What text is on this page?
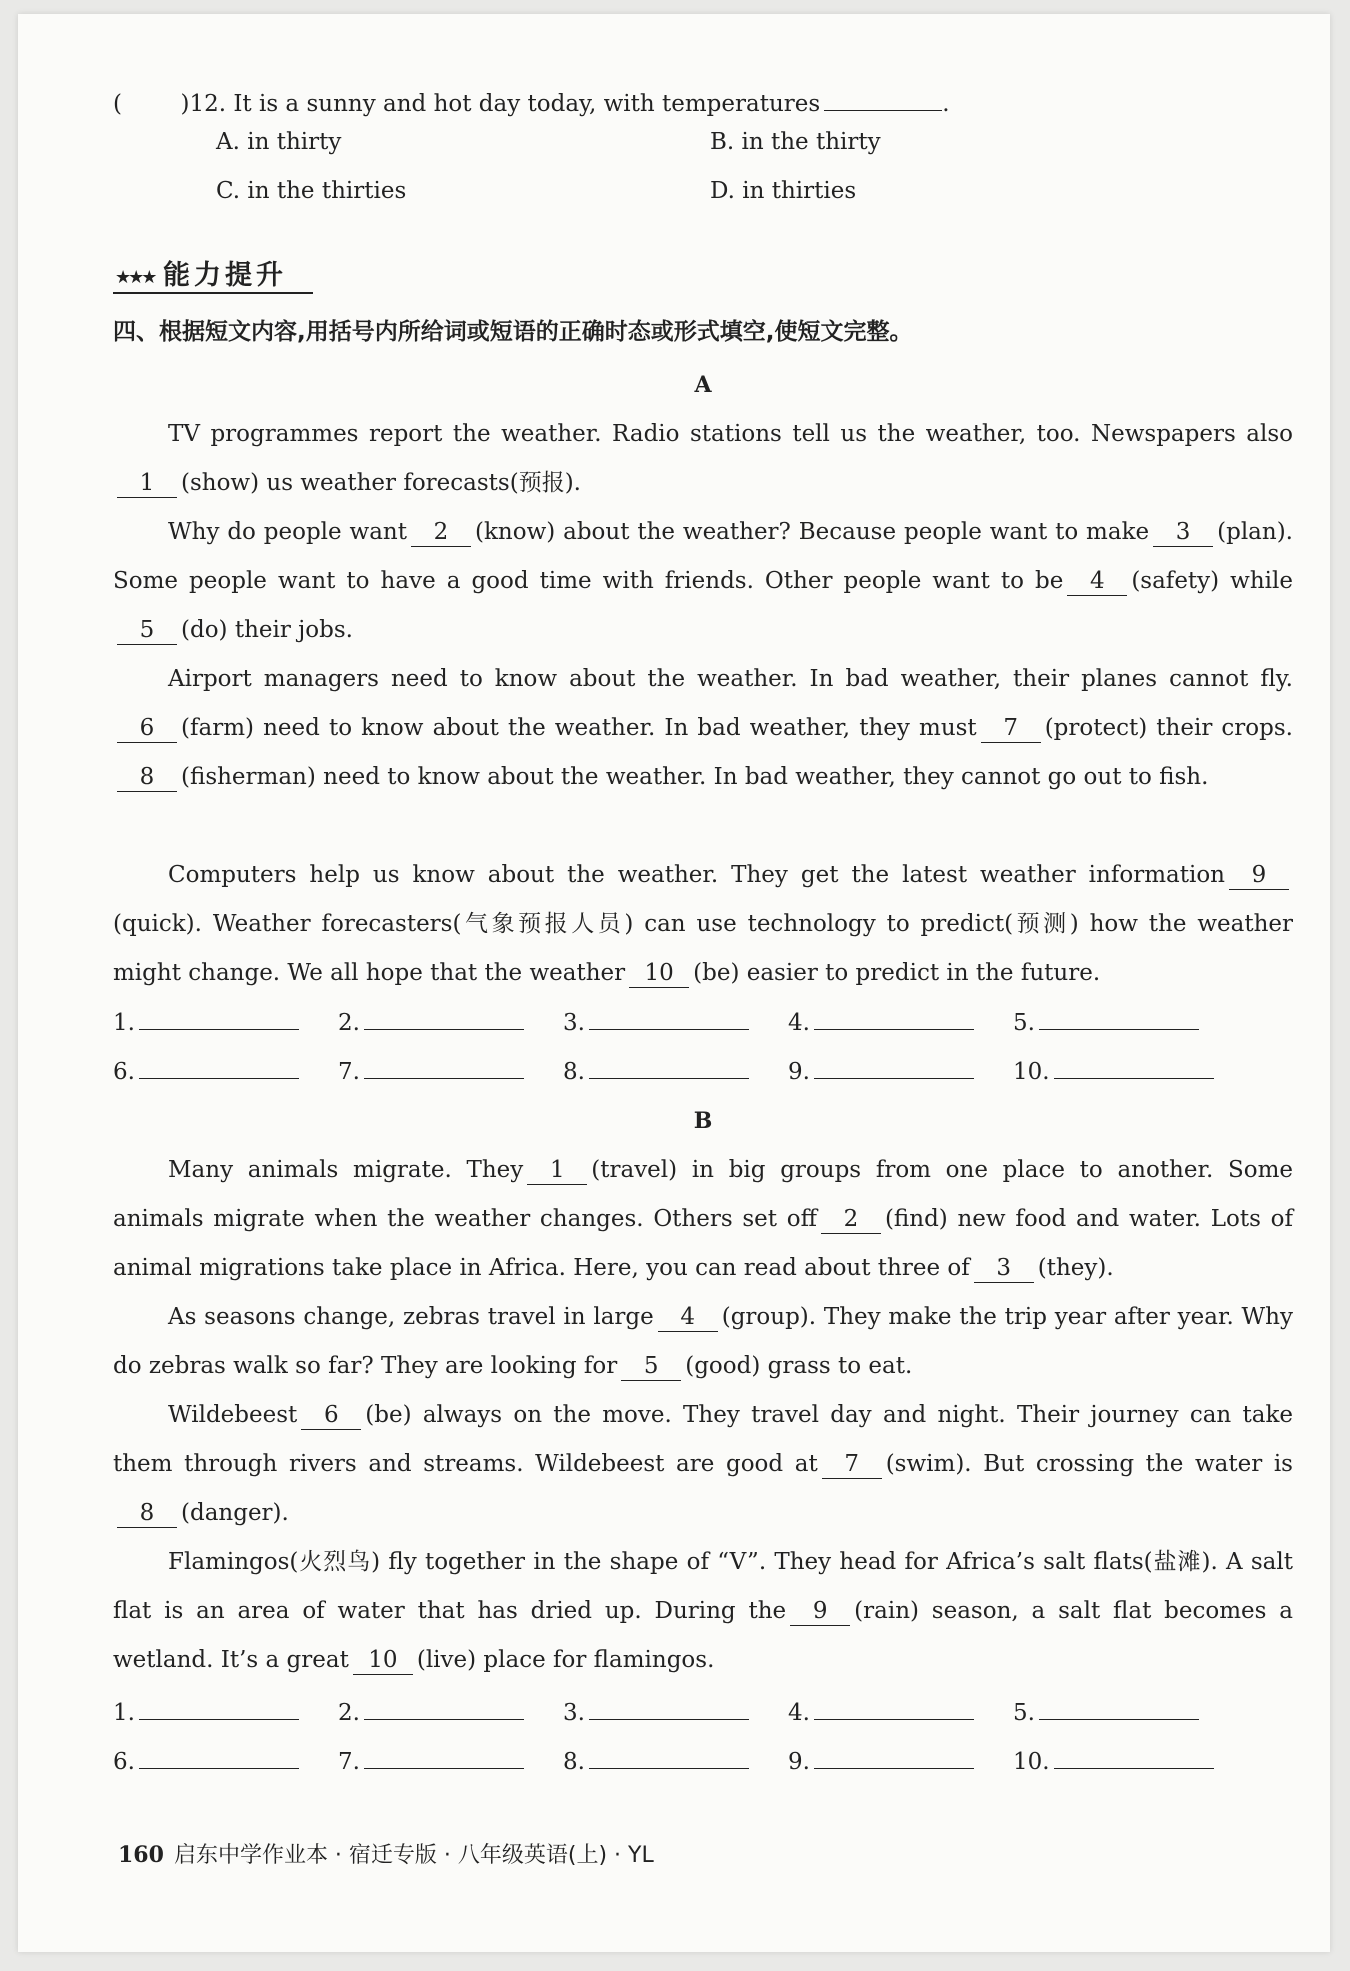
(        )12. It is a sunny and hot day today, with temperatures	.
A. in thirty	B. in the thirty
C. in the thirties	D. in thirties
★★★ 能力提升
四、根据短文内容,用括号内所给词或短语的正确时态或形式填空,使短文完整。
A
TV programmes report the weather. Radio stations tell us the weather, too. Newspapers also1 (show) us weather forecasts(预报).
Why do people want 2 (know) about the weather? Because people want to make 3 (plan). Some people want to have a good time with friends. Other people want to be 4 (safety) while5 (do) their jobs.
Airport managers need to know about the weather. In bad weather, their planes cannot fly. 6 (farm) need to know about the weather. In bad weather, they must 7 (protect) their crops.8 (fisherman) need to know about the weather. In bad weather, they cannot go out to fish.
Computers help us know about the weather. They get the latest weather information 9(quick). Weather forecasters(气象预报人员) can use technology to predict(预测) how the weather might change. We all hope that the weather 10 (be) easier to predict in the future.
1.	2.	3.	4.	5.
6.	7.	8.	9.	10.
B
Many animals migrate. They 1 (travel) in big groups from one place to another. Some animals migrate when the weather changes. Others set off 2 (find) new food and water. Lots of animal migrations take place in Africa. Here, you can read about three of 3 (they).
As seasons change, zebras travel in large 4 (group). They make the trip year after year. Why do zebras walk so far? They are looking for 5 (good) grass to eat.
Wildebeest 6 (be) always on the move. They travel day and night. Their journey can take them through rivers and streams. Wildebeest are good at 7 (swim). But crossing the water is8 (danger).
Flamingos(火烈鸟) fly together in the shape of “V”. They head for Africa’s salt flats(盐滩). A salt flat is an area of water that has dried up. During the 9 (rain) season, a salt flat becomes a wetland. It’s a great 10 (live) place for flamingos.
1.	2.	3.	4.	5.
6.	7.	8.	9.	10.
160 启东中学作业本 · 宿迁专版 · 八年级英语(上) · YL
